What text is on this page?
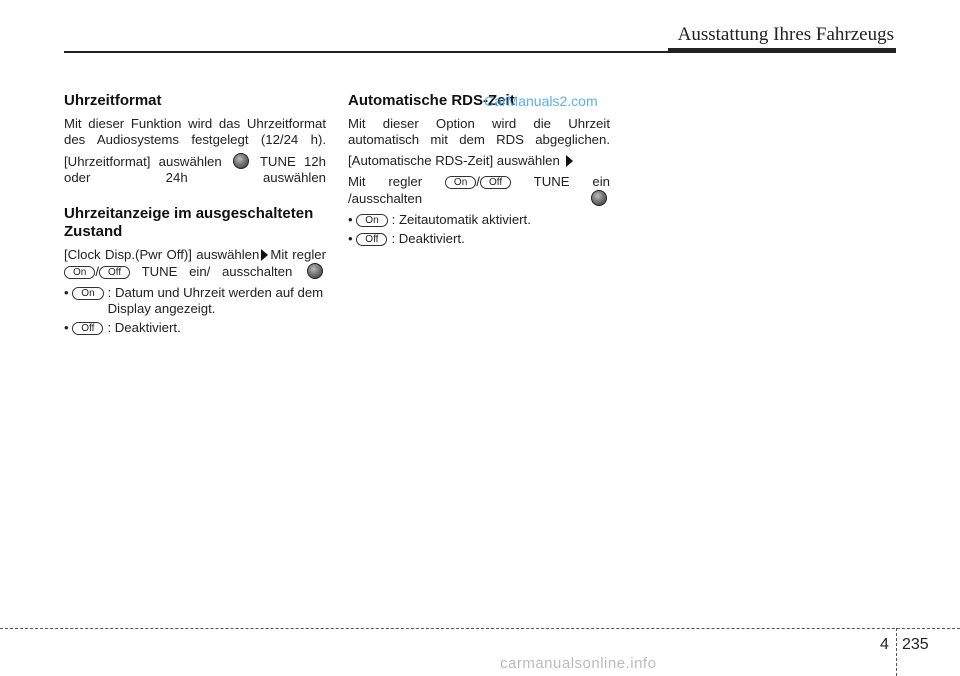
Ausstattung Ihres Fahrzeugs
Uhrzeitformat

Mit dieser Funktion wird das Uhrzeitformat des Audiosystems festgelegt (12/24 h).

[Uhrzeitformat] auswählen	TUNE 12h oder 24h auswählen

Uhrzeitanzeige im ausgeschalteten Zustand

[Clock Disp.(Pwr Off)] auswählen Mit regler On / Off TUNE ein/ ausschalten

• On : Datum und Uhrzeit werden auf dem Display angezeigt.
• Off : Deaktiviert.
Automatische RDS-Zeit

Mit dieser Option wird die Uhrzeit automatisch mit dem RDS abgeglichen.

[Automatische RDS-Zeit] auswählen

Mit regler	On / Off TUNE ein /ausschalten

• On : Zeitautomatik aktiviert.
• Off : Deaktiviert.
CarManuals2.com
4 235
carmanualsonline.info
